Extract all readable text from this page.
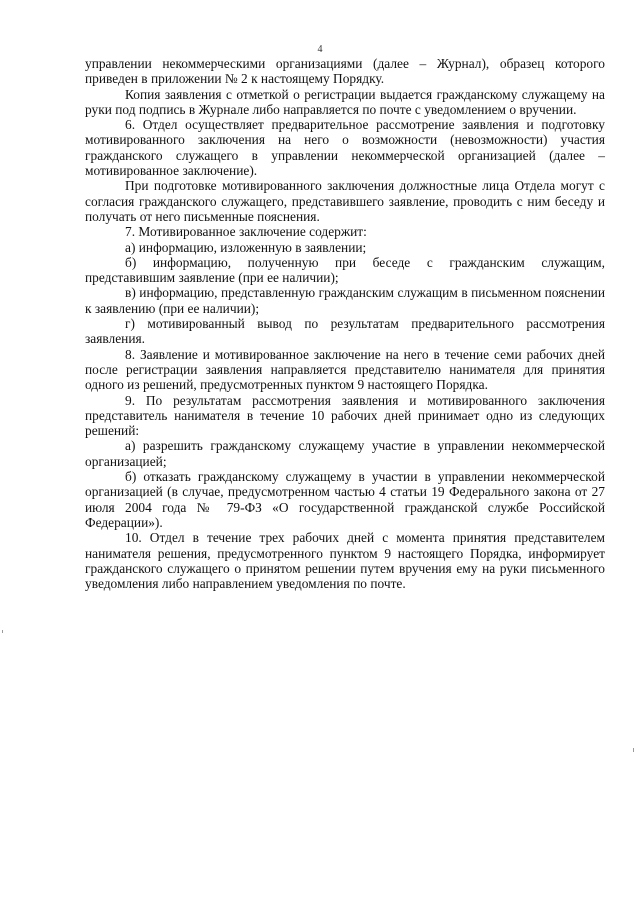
4

управлении некоммерческими организациями (далее – Журнал), образец которого приведен в приложении № 2 к настоящему Порядку.

Копия заявления с отметкой о регистрации выдается гражданскому служащему на руки под подпись в Журнале либо направляется по почте с уведомлением о вручении.

6. Отдел осуществляет предварительное рассмотрение заявления и подготовку мотивированного заключения на него о возможности (невозможности) участия гражданского служащего в управлении некоммерческой организацией (далее – мотивированное заключение).

При подготовке мотивированного заключения должностные лица Отдела могут с согласия гражданского служащего, представившего заявление, проводить с ним беседу и получать от него письменные пояснения.

7. Мотивированное заключение содержит:

а) информацию, изложенную в заявлении;

б) информацию, полученную при беседе с гражданским служащим, представившим заявление (при ее наличии);

в) информацию, представленную гражданским служащим в письменном пояснении к заявлению (при ее наличии);

г) мотивированный вывод по результатам предварительного рассмотрения заявления.

8. Заявление и мотивированное заключение на него в течение семи рабочих дней после регистрации заявления направляется представителю нанимателя для принятия одного из решений, предусмотренных пунктом 9 настоящего Порядка.

9. По результатам рассмотрения заявления и мотивированного заключения представитель нанимателя в течение 10 рабочих дней принимает одно из следующих решений:

а) разрешить гражданскому служащему участие в управлении некоммерческой организацией;

б) отказать гражданскому служащему в участии в управлении некоммерческой организацией (в случае, предусмотренном частью 4 статьи 19 Федерального закона от 27 июля 2004 года № 79-ФЗ «О государственной гражданской службе Российской Федерации»).

10. Отдел в течение трех рабочих дней с момента принятия представителем нанимателя решения, предусмотренного пунктом 9 настоящего Порядка, информирует гражданского служащего о принятом решении путем вручения ему на руки письменного уведомления либо направлением уведомления по почте.
